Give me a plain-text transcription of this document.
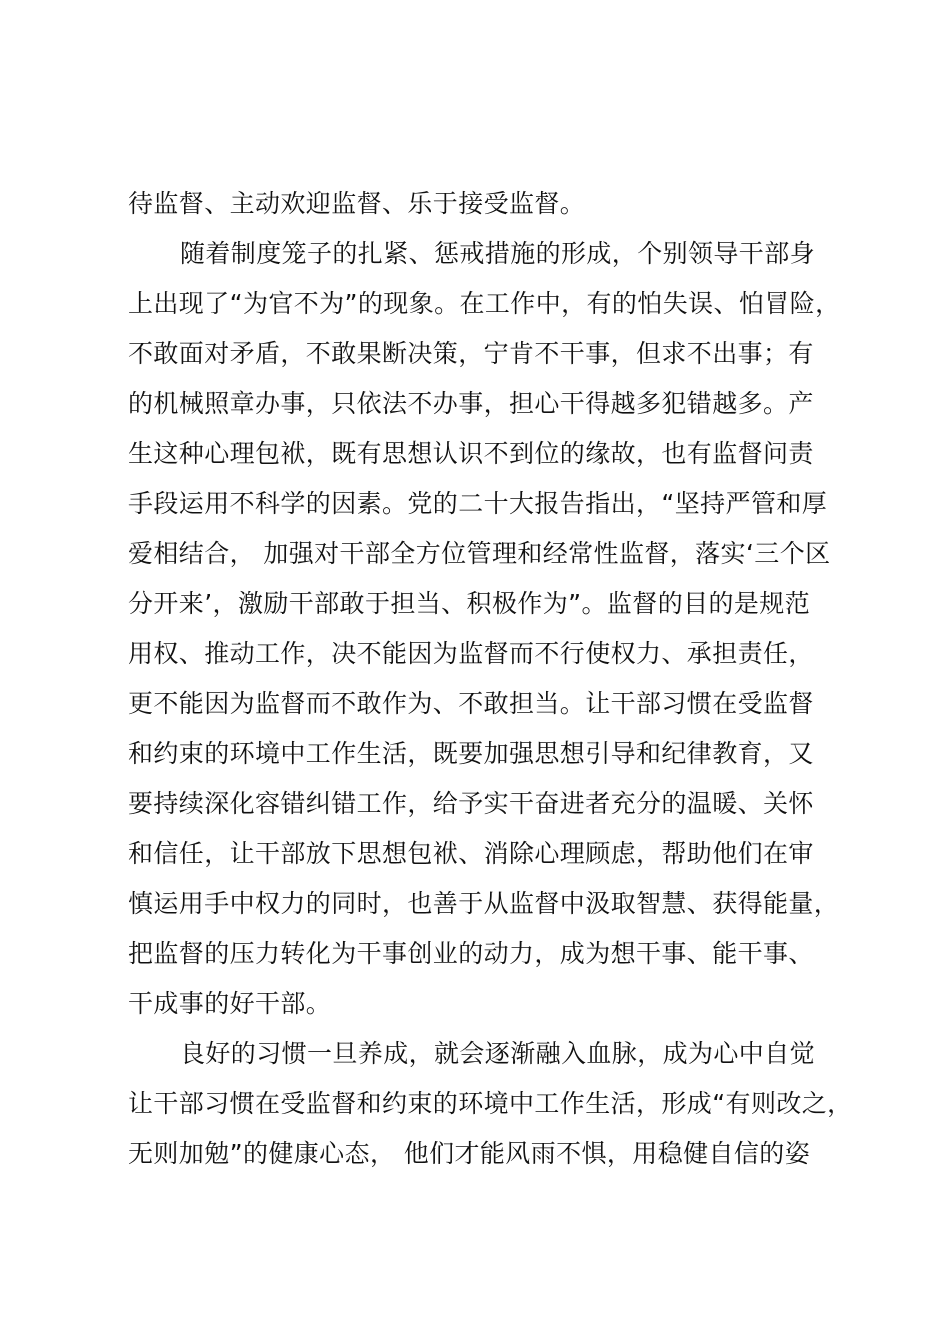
待监督、主动欢迎监督、乐于接受监督。
随着制度笼子的扎紧、惩戒措施的形成，个别领导干部身
上出现了“为官不为”的现象。在工作中，有的怕失误、怕冒险，
不敢面对矛盾，不敢果断决策，宁肯不干事，但求不出事；有
的机械照章办事，只依法不办事，担心干得越多犯错越多。产
生这种心理包袱，既有思想认识不到位的缘故，也有监督问责
手段运用不科学的因素。党的二十大报告指出，“坚持严管和厚
爱相结合， 加强对干部全方位管理和经常性监督，落实‘三个区
分开来’，激励干部敢于担当、积极作为”。监督的目的是规范
用权、推动工作，决不能因为监督而不行使权力、承担责任，
更不能因为监督而不敢作为、不敢担当。让干部习惯在受监督
和约束的环境中工作生活，既要加强思想引导和纪律教育，又
要持续深化容错纠错工作，给予实干奋进者充分的温暖、关怀
和信任，让干部放下思想包袱、消除心理顾虑，帮助他们在审
慎运用手中权力的同时，也善于从监督中汲取智慧、获得能量，
把监督的压力转化为干事创业的动力，成为想干事、能干事、
干成事的好干部。
良好的习惯一旦养成，就会逐渐融入血脉，成为心中自觉
让干部习惯在受监督和约束的环境中工作生活，形成“有则改之，
无则加勉”的健康心态， 他们才能风雨不惧，用稳健自信的姿
